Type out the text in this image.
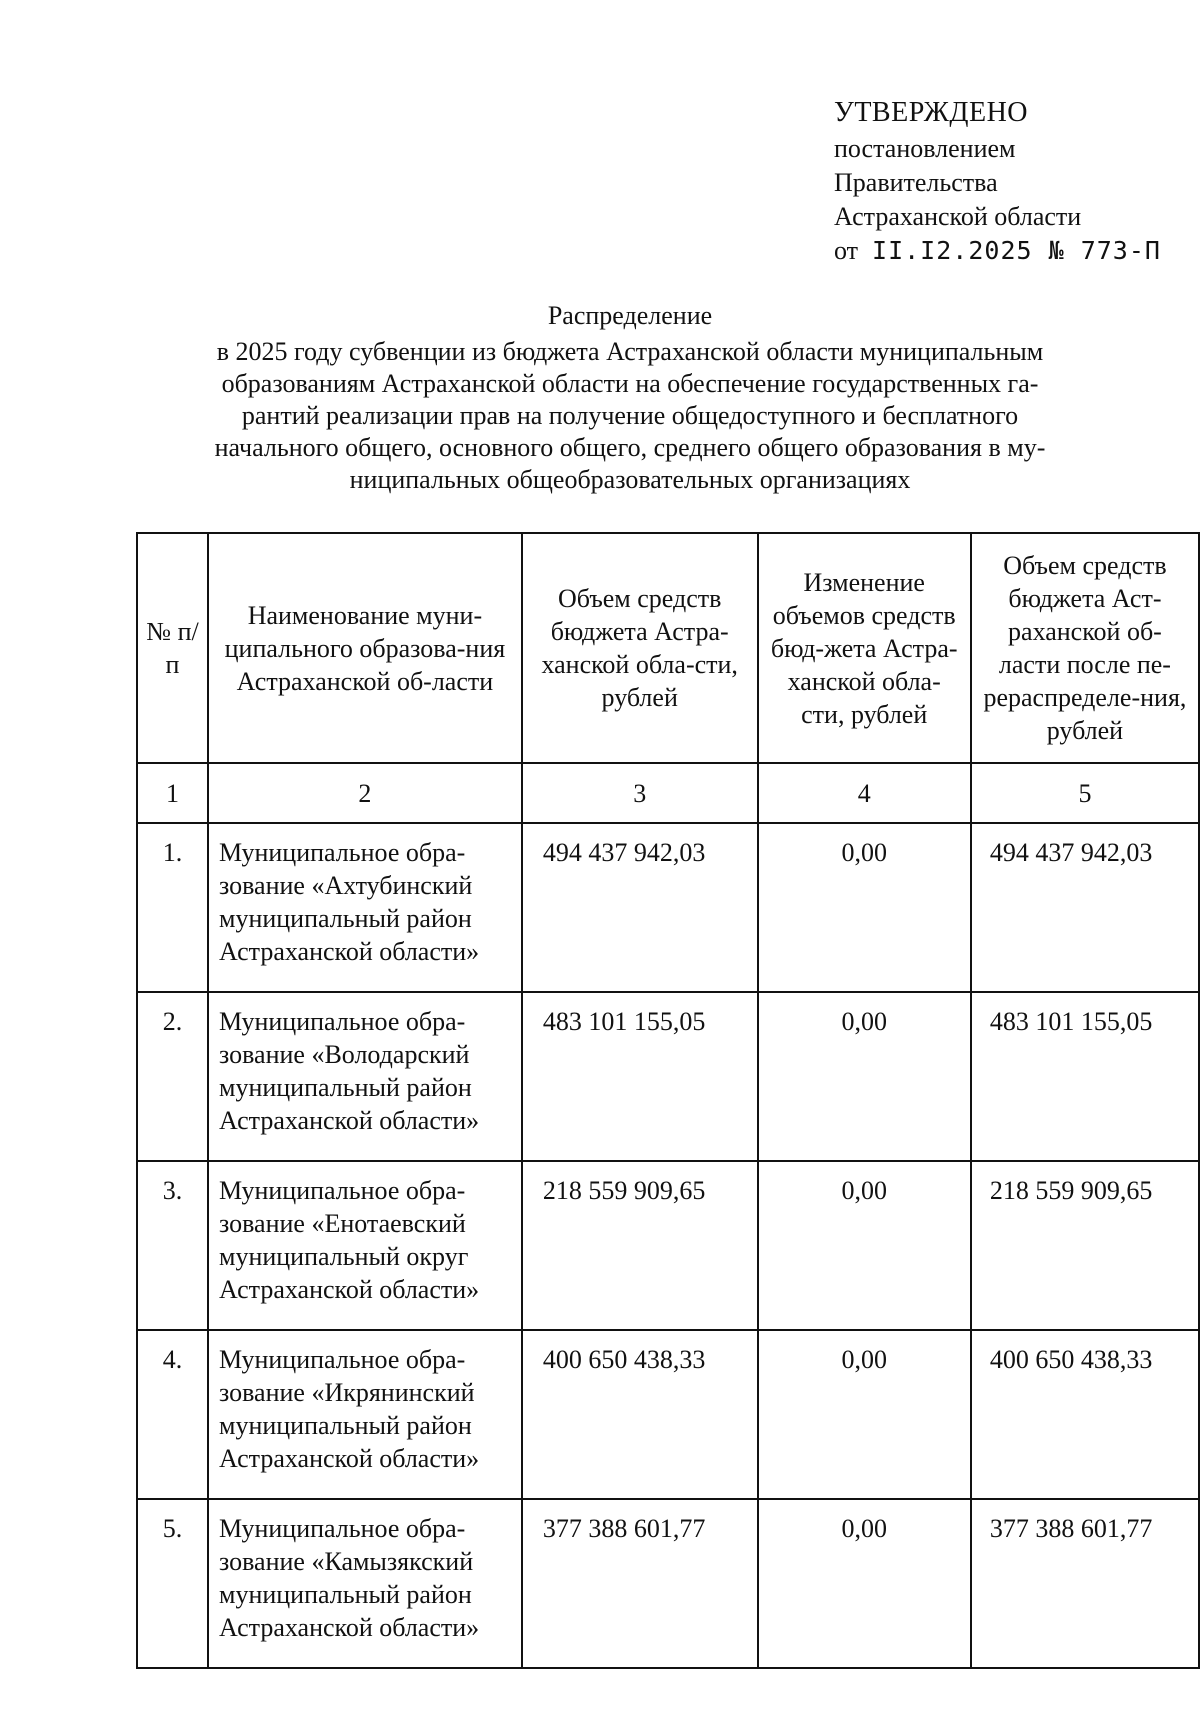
УТВЕРЖДЕНО
постановлением
Правительства
Астраханской области
от II.I2.2025 № 773-П
Распределение
в 2025 году субвенции из бюджета Астраханской области муниципальным
образованиям Астраханской области на обеспечение государственных га-
рантий реализации прав на получение общедоступного и бесплатного
начального общего, основного общего, среднего общего образования в му-
ниципальных общеобразовательных организациях
№ п/п	Наименование муни-ципального образова-ния Астраханской об-ласти	Объем средств бюджета Астра-ханской обла-сти, рублей	Изменение объемов средств бюд-жета Астра-ханской обла-сти, рублей	Объем средств бюджета Аст-раханской об-ласти после пе-рераспределе-ния, рублей
1	2	3	4	5
1.	Муниципальное обра-зование «Ахтубинский муниципальный район Астраханской области»	494 437 942,03	0,00	494 437 942,03
2.	Муниципальное обра-зование «Володарский муниципальный район Астраханской области»	483 101 155,05	0,00	483 101 155,05
3.	Муниципальное обра-зование «Енотаевский муниципальный округ Астраханской области»	218 559 909,65	0,00	218 559 909,65
4.	Муниципальное обра-зование «Икрянинский муниципальный район Астраханской области»	400 650 438,33	0,00	400 650 438,33
5.	Муниципальное обра-зование «Камызякский муниципальный район Астраханской области»	377 388 601,77	0,00	377 388 601,77
